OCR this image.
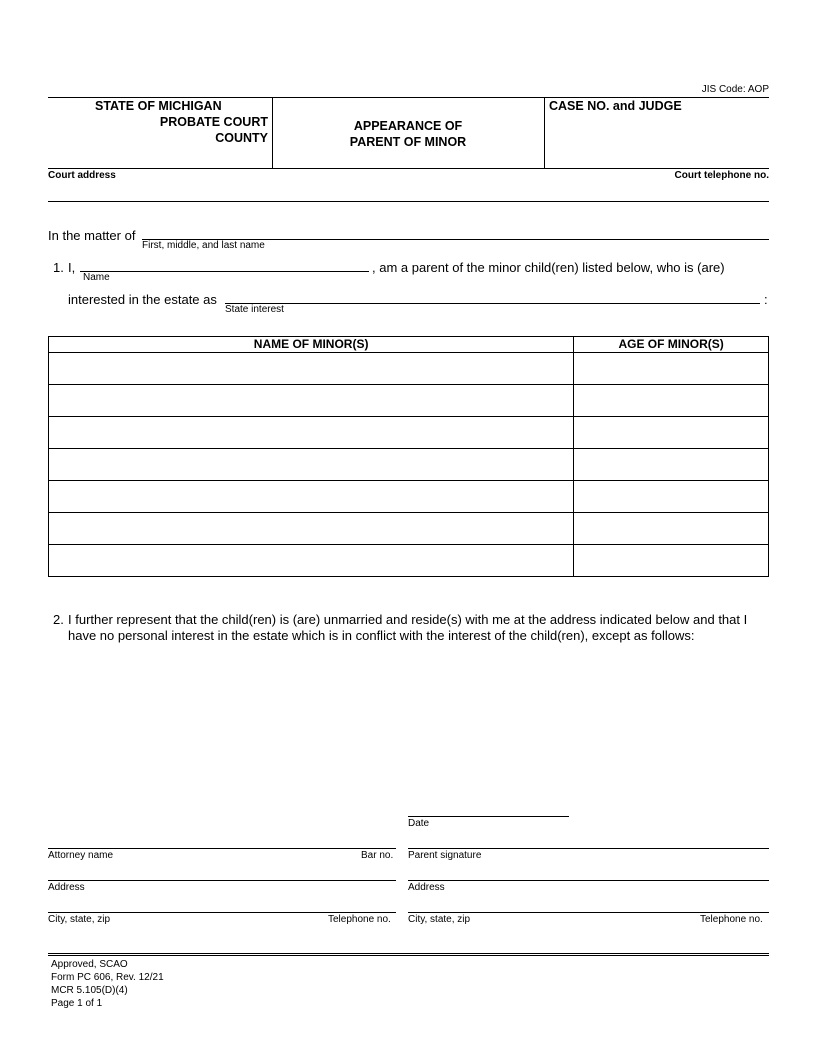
JIS Code: AOP
STATE OF MICHIGAN
PROBATE COURT
COUNTY
APPEARANCE OF
PARENT OF MINOR
CASE NO. and JUDGE
Court address	Court telephone no.
In the matter of
First, middle, and last name
1. I,
Name
, am a parent of the minor child(ren) listed below, who is (are)
interested in the estate as
State interest
:
NAME OF MINOR(S)	AGE OF MINOR(S)

2. I further represent that the child(ren) is (are) unmarried and reside(s) with me at the address indicated below and that I
have no personal interest in the estate which is in conflict with the interest of the child(ren), except as follows:
Date
Attorney name	Bar no. Parent signature
Address	Address
City, state, zip	Telephone no. City, state, zip	Telephone no.
Approved, SCAO
Form PC 606, Rev. 12/21
MCR 5.105(D)(4)
Page 1 of 1
